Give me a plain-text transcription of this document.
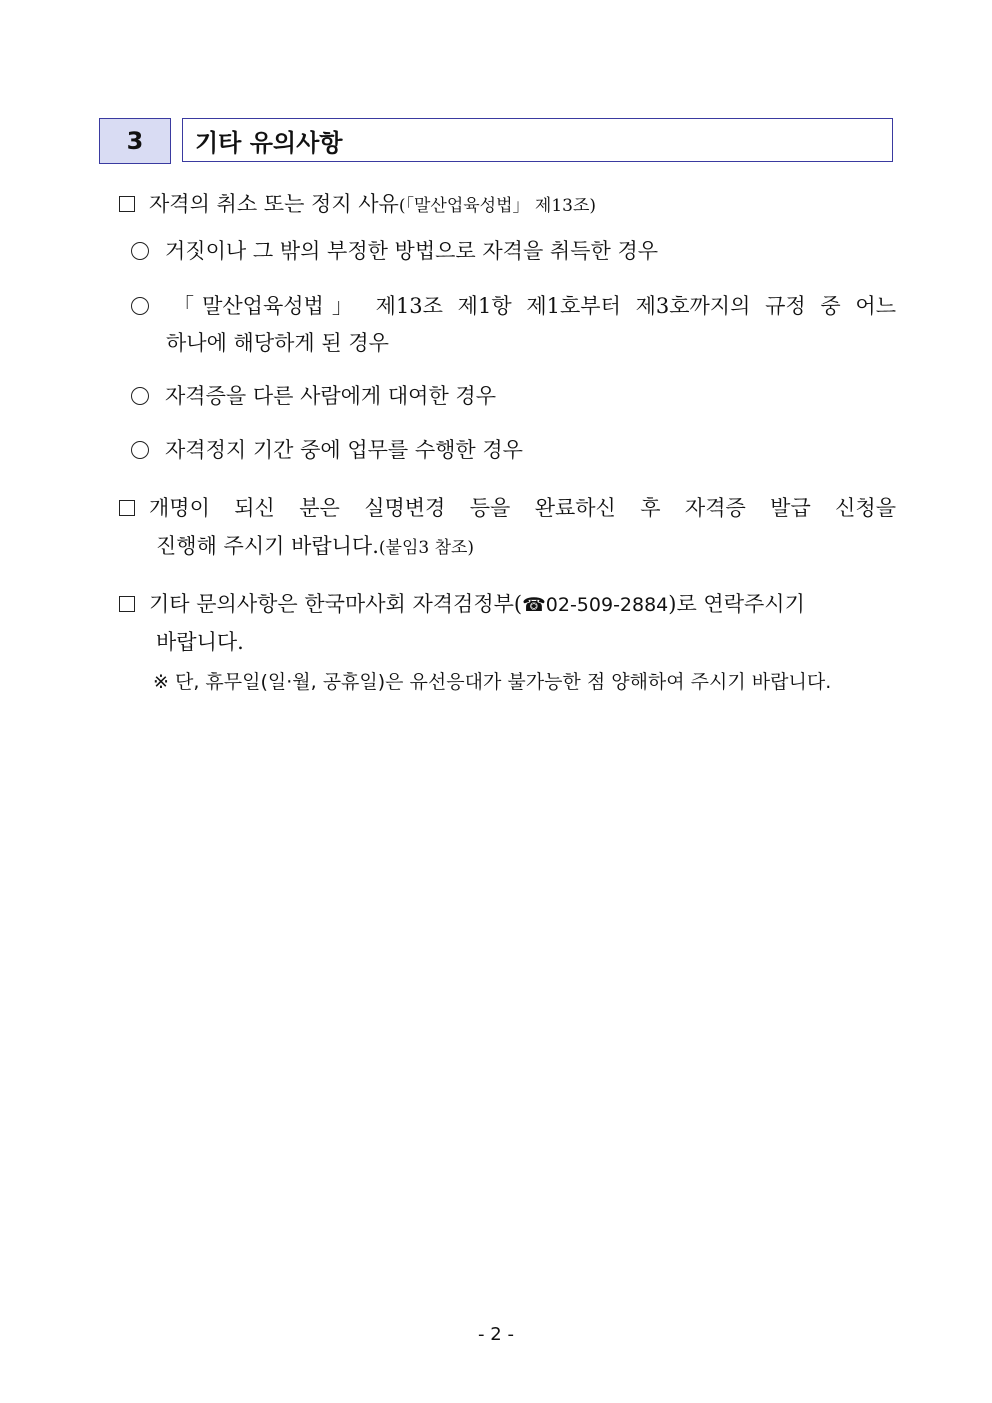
3	기타 유의사항
자격의 취소 또는 정지 사유(「말산업육성법」 제13조)
거짓이나 그 밖의 부정한 방법으로 자격을 취득한 경우
「말산업육성법」 제13조 제1항 제1호부터 제3호까지의 규정 중 어느
하나에 해당하게 된 경우
자격증을 다른 사람에게 대여한 경우
자격정지 기간 중에 업무를 수행한 경우
개명이 되신 분은 실명변경 등을 완료하신 후 자격증 발급 신청을
진행해 주시기 바랍니다.(붙임3 참조)
기타 문의사항은 한국마사회 자격검정부(☎02-509-2884)로 연락주시기
바랍니다.
※ 단, 휴무일(일·월, 공휴일)은 유선응대가 불가능한 점 양해하여 주시기 바랍니다.
- 2 -
